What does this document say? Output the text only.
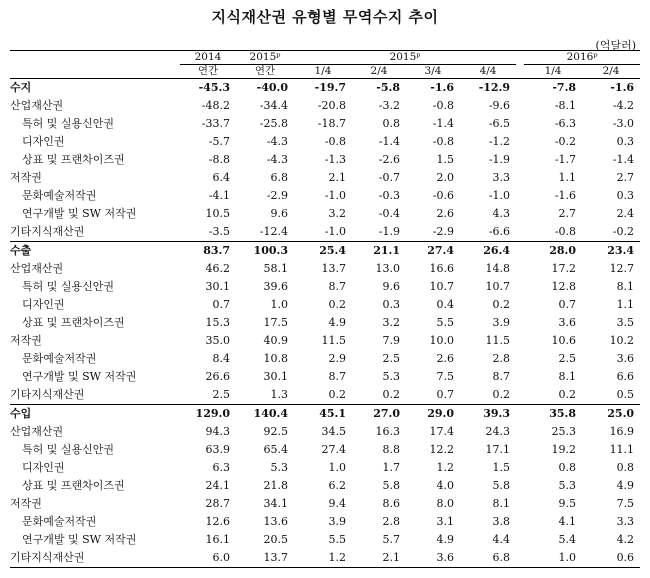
지식재산권 유형별 무역수지 추이
(억달러)
	2014	2015ᵖ	2015ᵖ					2016ᵖ	
	연간	연간	1/4	2/4	3/4	4/4		1/4	2/4
수지	-45.3	-40.0	-19.7	-5.8	-1.6	-12.9		-7.8	-1.6
산업재산권	-48.2	-34.4	-20.8	-3.2	-0.8	-9.6		-8.1	-4.2
특허 및 실용신안권	-33.7	-25.8	-18.7	0.8	-1.4	-6.5		-6.3	-3.0
디자인권	-5.7	-4.3	-0.8	-1.4	-0.8	-1.2		-0.2	0.3
상표 및 프랜차이즈권	-8.8	-4.3	-1.3	-2.6	1.5	-1.9		-1.7	-1.4
저작권	6.4	6.8	2.1	-0.7	2.0	3.3		1.1	2.7
문화예술저작권	-4.1	-2.9	-1.0	-0.3	-0.6	-1.0		-1.6	0.3
연구개발 및 SW 저작권	10.5	9.6	3.2	-0.4	2.6	4.3		2.7	2.4
기타지식재산권	-3.5	-12.4	-1.0	-1.9	-2.9	-6.6		-0.8	-0.2
수출	83.7	100.3	25.4	21.1	27.4	26.4		28.0	23.4
산업재산권	46.2	58.1	13.7	13.0	16.6	14.8		17.2	12.7
특허 및 실용신안권	30.1	39.6	8.7	9.6	10.7	10.7		12.8	8.1
디자인권	0.7	1.0	0.2	0.3	0.4	0.2		0.7	1.1
상표 및 프랜차이즈권	15.3	17.5	4.9	3.2	5.5	3.9		3.6	3.5
저작권	35.0	40.9	11.5	7.9	10.0	11.5		10.6	10.2
문화예술저작권	8.4	10.8	2.9	2.5	2.6	2.8		2.5	3.6
연구개발 및 SW 저작권	26.6	30.1	8.7	5.3	7.5	8.7		8.1	6.6
기타지식재산권	2.5	1.3	0.2	0.2	0.7	0.2		0.2	0.5
수입	129.0	140.4	45.1	27.0	29.0	39.3		35.8	25.0
산업재산권	94.3	92.5	34.5	16.3	17.4	24.3		25.3	16.9
특허 및 실용신안권	63.9	65.4	27.4	8.8	12.2	17.1		19.2	11.1
디자인권	6.3	5.3	1.0	1.7	1.2	1.5		0.8	0.8
상표 및 프랜차이즈권	24.1	21.8	6.2	5.8	4.0	5.8		5.3	4.9
저작권	28.7	34.1	9.4	8.6	8.0	8.1		9.5	7.5
문화예술저작권	12.6	13.6	3.9	2.8	3.1	3.8		4.1	3.3
연구개발 및 SW 저작권	16.1	20.5	5.5	5.7	4.9	4.4		5.4	4.2
기타지식재산권	6.0	13.7	1.2	2.1	3.6	6.8		1.0	0.6
